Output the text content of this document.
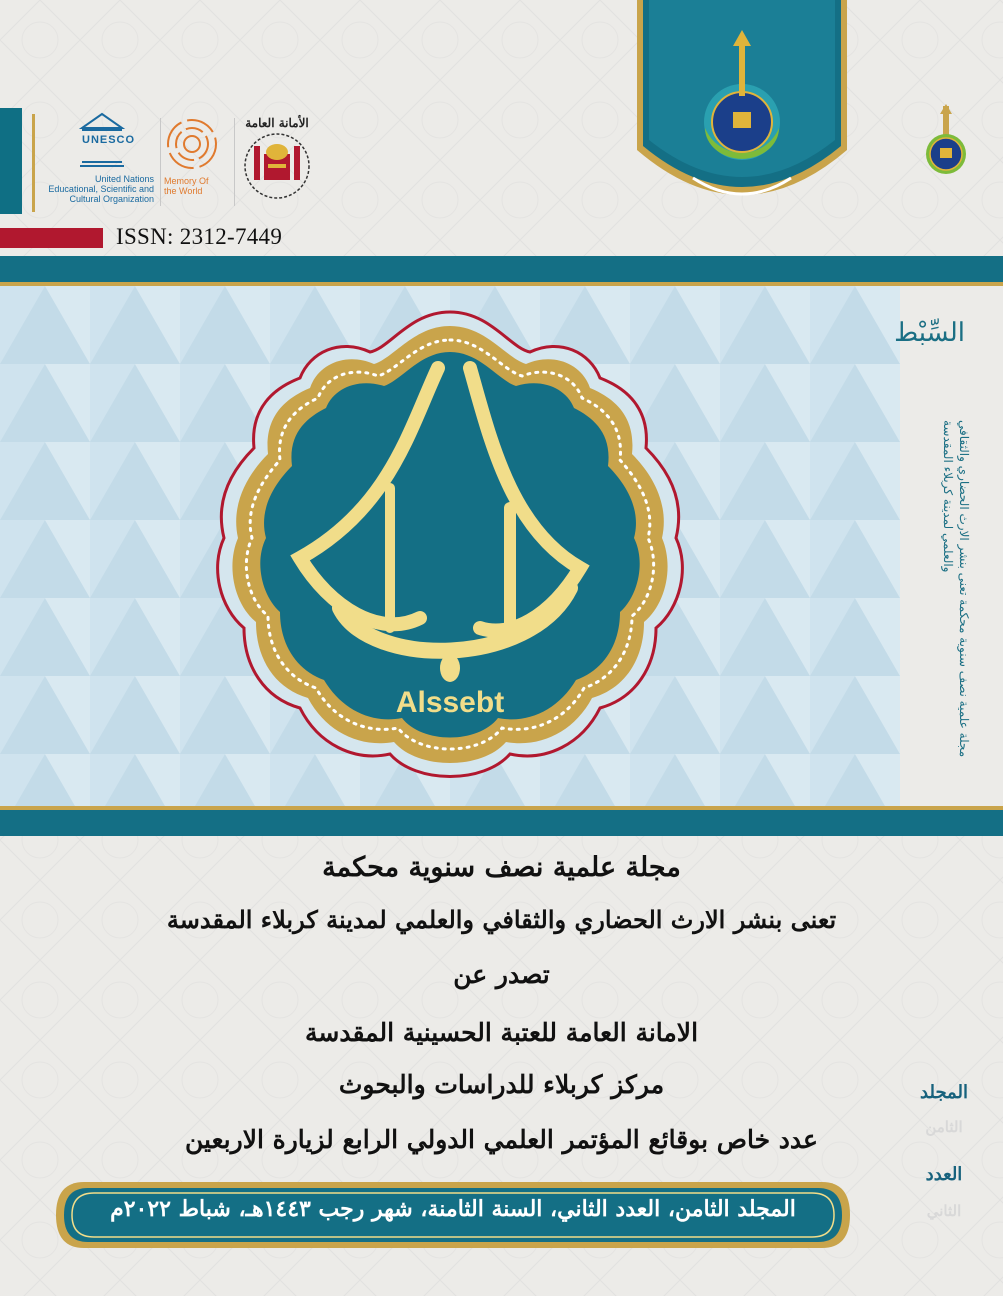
UNESCO
United Nations
Educational, Scientific and
Cultural Organization
Memory Of
the World
الأمانة العامة
ISSN: 2312-7449
السِّبْط
مجلة علمية نصف سنوية محكمة تعنى بنشر الارث الحضاري والثقافي والعلمي لمدينة كربلاء المقدسة
Alssebt
مجلة علمية نصف سنوية محكمة
تعنى بنشر الارث الحضاري والثقافي والعلمي لمدينة كربلاء المقدسة
تصدر عن
الامانة العامة للعتبة الحسينية المقدسة
مركز كربلاء للدراسات والبحوث
عدد خاص بوقائع المؤتمر العلمي الدولي الرابع لزيارة الاربعين
المجلد
الثامن
العدد
الثاني
المجلد الثامن، العدد الثاني، السنة الثامنة، شهر رجب ١٤٤٣هـ، شباط ٢٠٢٢م
